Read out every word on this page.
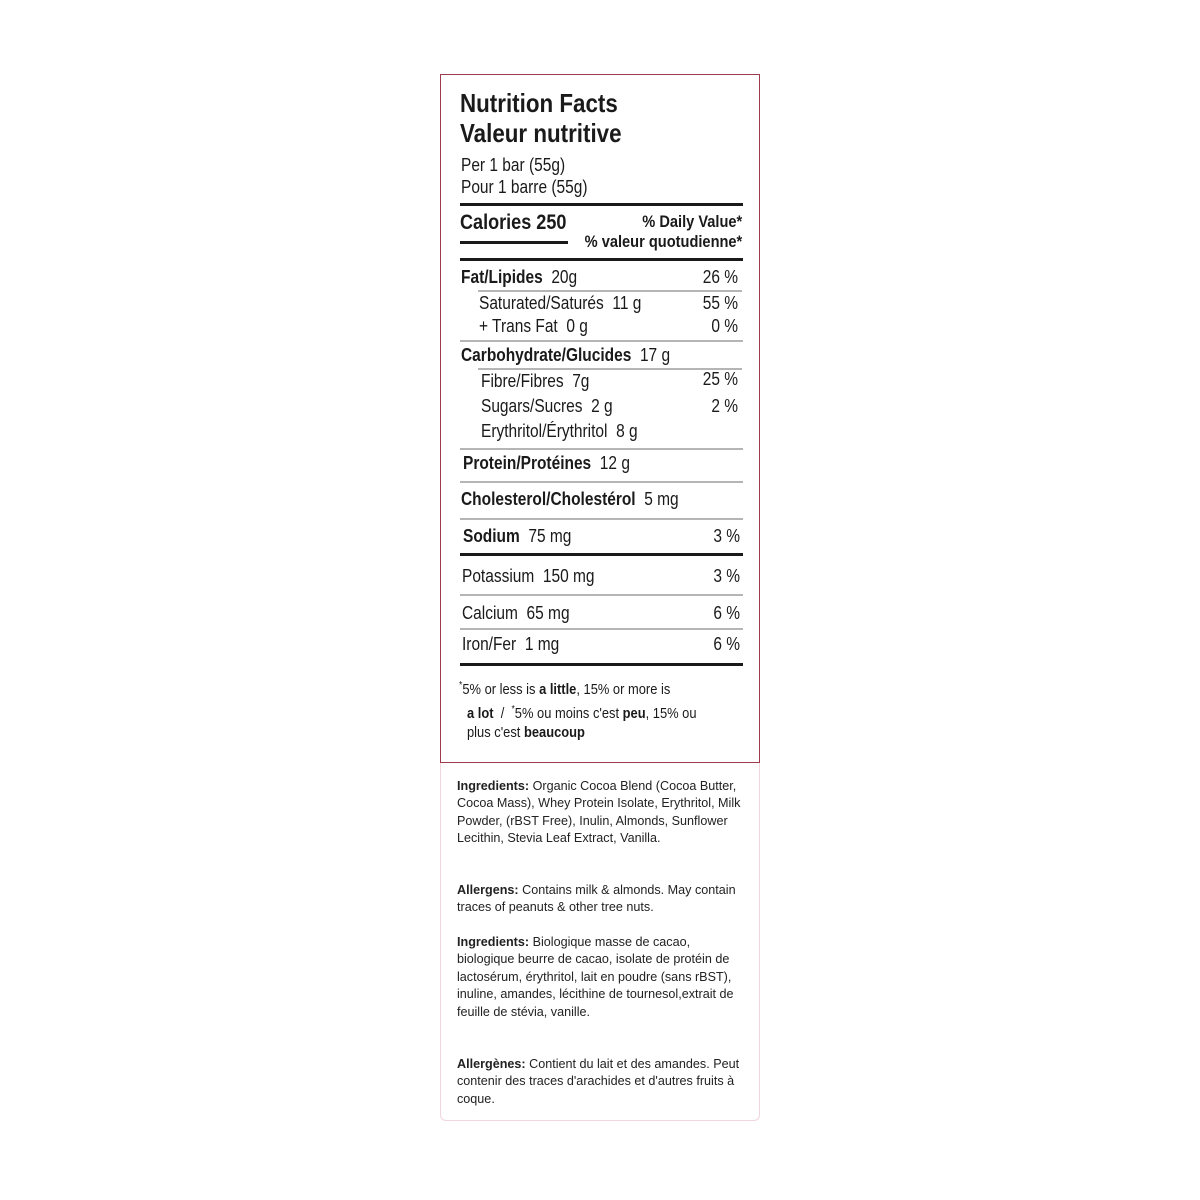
Nutrition Facts
Valeur nutritive
Per 1 bar (55g)
Pour 1 barre (55g)
Calories 250	% Daily Value*
% valeur quotudienne*
Fat/Lipides 20g	26 %
Saturated/Saturés 11 g	55 %
+ Trans Fat 0 g	0 %
Carbohydrate/Glucides 17 g
Fibre/Fibres 7g	25 %
Sugars/Sucres 2 g	2 %
Erythritol/Érythritol 8 g
Protein/Protéines 12 g
Cholesterol/Cholestérol 5 mg
Sodium 75 mg	3 %
Potassium 150 mg	3 %
Calcium 65 mg	6 %
Iron/Fer 1 mg	6 %
*5% or less is a little, 15% or more is
a lot  /  *5% ou moins c'est peu, 15% ou
plus c'est beaucoup

Ingredients: Organic Cocoa Blend (Cocoa Butter, Cocoa Mass), Whey Protein Isolate, Erythritol, Milk Powder, (rBST Free), Inulin, Almonds, Sunflower Lecithin, Stevia Leaf Extract, Vanilla.

Allergens: Contains milk & almonds. May contain traces of peanuts & other tree nuts.

Ingredients: Biologique masse de cacao, biologique beurre de cacao, isolate de protéin de lactosérum, érythritol, lait en poudre (sans rBST), inuline, amandes, lécithine de tournesol,extrait de feuille de stévia, vanille.

Allergènes: Contient du lait et des amandes. Peut contenir des traces d'arachides et d'autres fruits à coque.
